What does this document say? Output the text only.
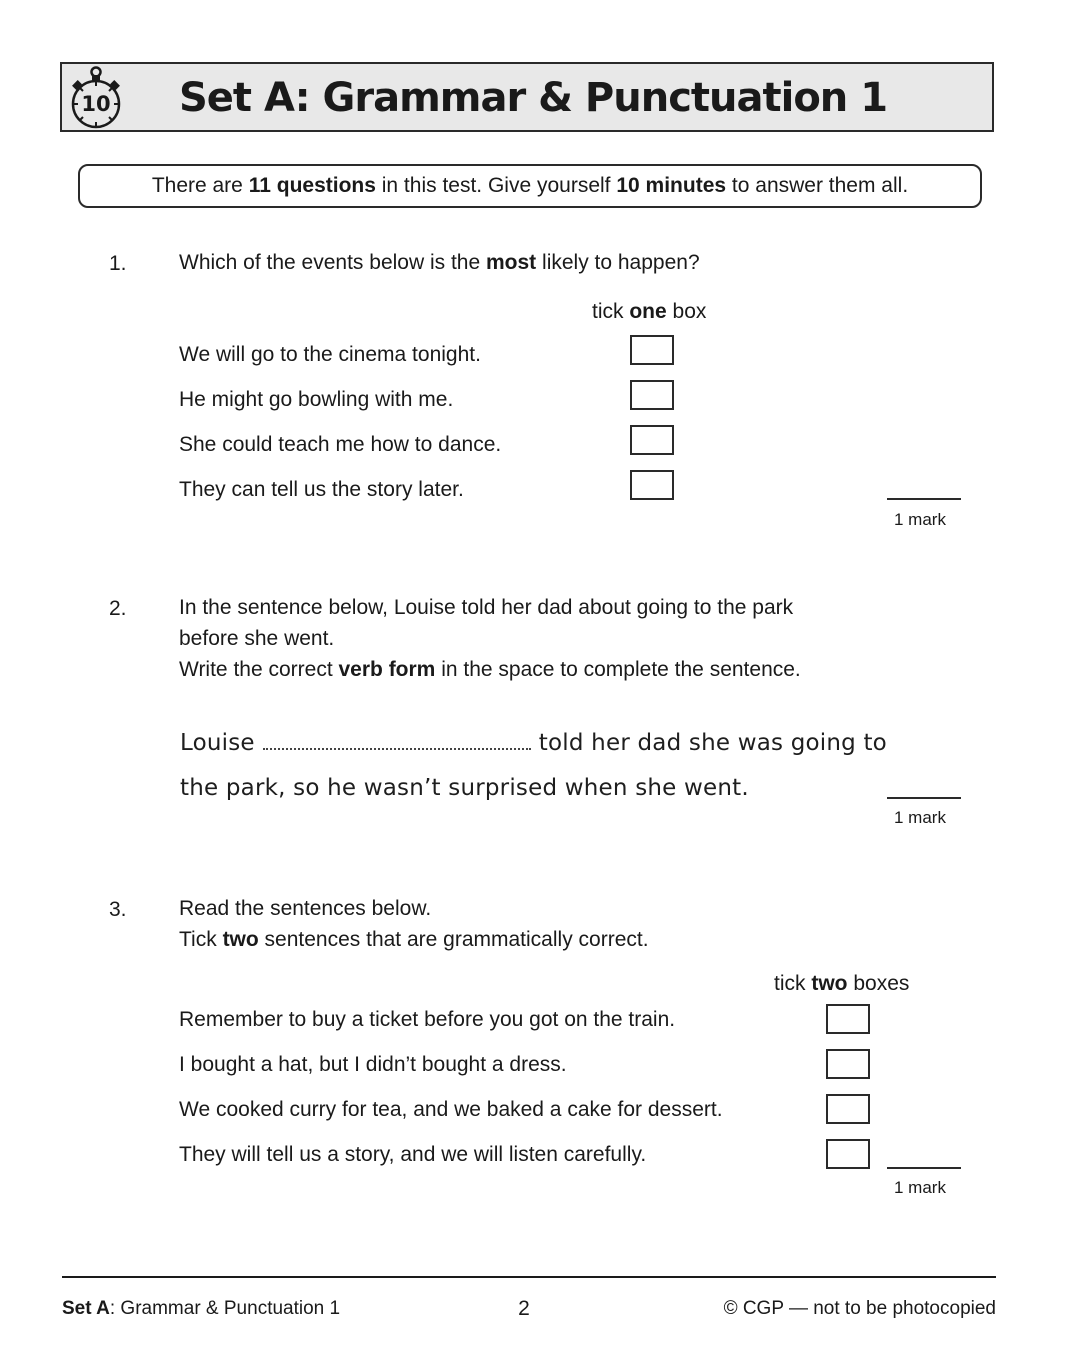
10	Set A: Grammar & Punctuation 1
There are 11 questions in this test. Give yourself 10 minutes to answer them all.
1. Which of the events below is the most likely to happen?
tick one box
We will go to the cinema tonight.
He might go bowling with me.
She could teach me how to dance.
They can tell us the story later.
1 mark
2. In the sentence below, Louise told her dad about going to the park
before she went.
Write the correct verb form in the space to complete the sentence.
Louise	told her dad she was going to
the park, so he wasn’t surprised when she went.
1 mark
3. Read the sentences below.
Tick two sentences that are grammatically correct.
tick two boxes
Remember to buy a ticket before you got on the train.
I bought a hat, but I didn’t bought a dress.
We cooked curry for tea, and we baked a cake for dessert.
They will tell us a story, and we will listen carefully.
1 mark
Set A: Grammar & Punctuation 1	2	© CGP — not to be photocopied
